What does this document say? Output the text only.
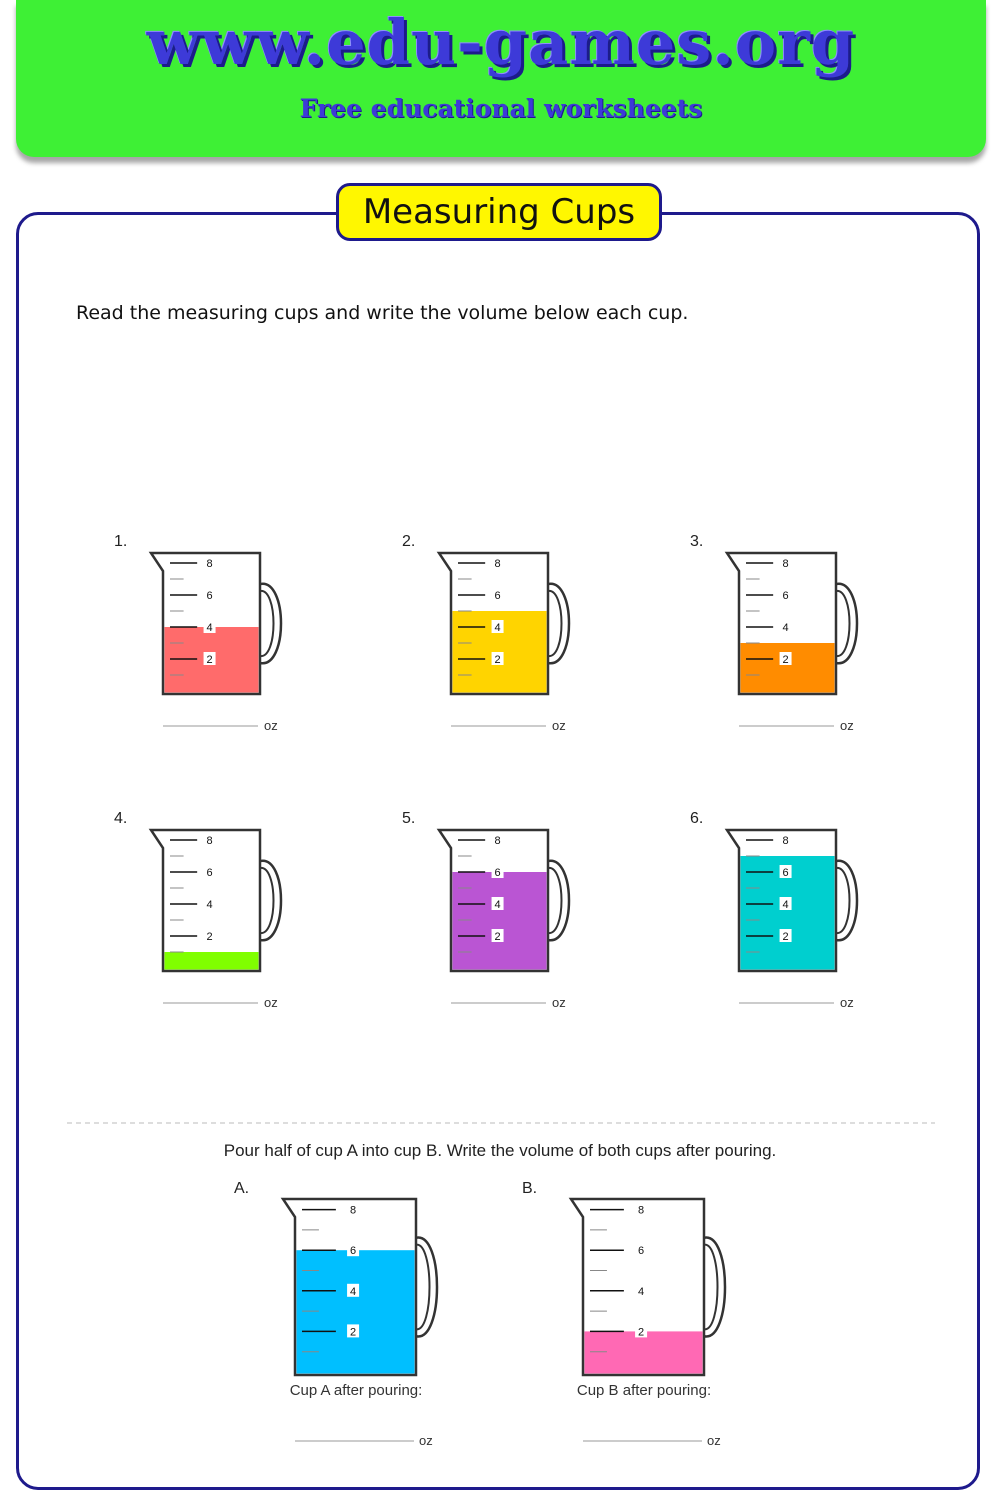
www.edu-games.org
Free educational worksheets
Measuring Cups
Read the measuring cups and write the volume below each cup.
1.
2
4
6
8
oz
2.
2
4
6
8
oz
3.
2
4
6
8
oz
4.
2
4
6
8
oz
5.
2
4
6
8
oz
6.
2
4
6
8
oz
A.
2
4
6
8
Cup A after pouring:
oz
B.
2
4
6
8
Cup B after pouring:
oz
Pour half of cup A into cup B. Write the volume of both cups after pouring.
